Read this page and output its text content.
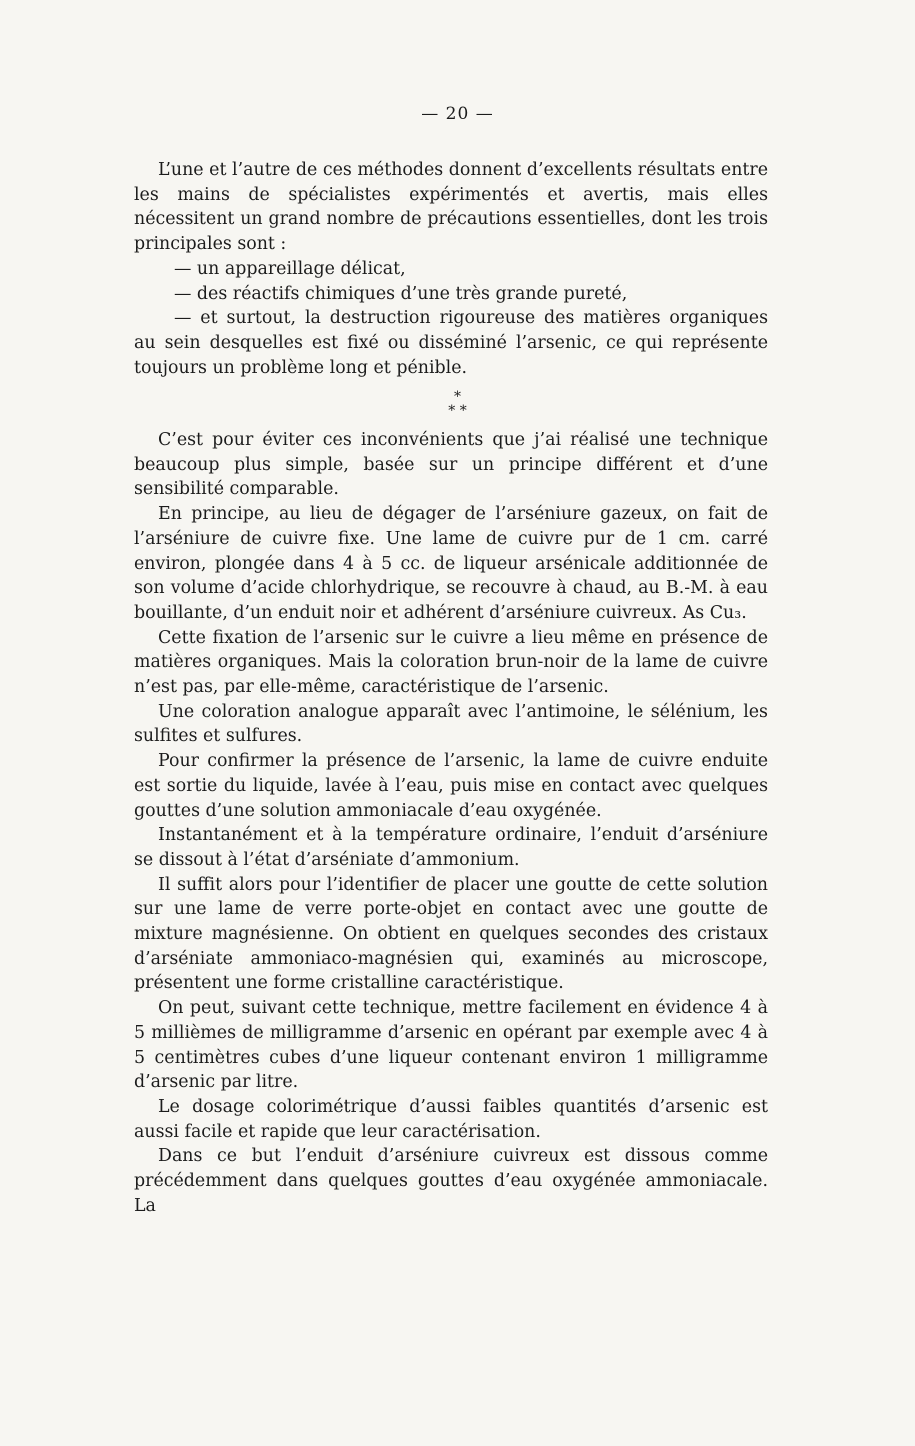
— 20 —

L’une et l’autre de ces méthodes donnent d’excellents résultats entre les mains de spécialistes expérimentés et avertis, mais elles nécessitent un grand nombre de précautions essentielles, dont les trois principales sont :

— un appareillage délicat,

— des réactifs chimiques d’une très grande pureté,

— et surtout, la destruction rigoureuse des matières organiques au sein desquelles est fixé ou disséminé l’arsenic, ce qui représente toujours un problème long et pénible.

*
* *

C’est pour éviter ces inconvénients que j’ai réalisé une technique beaucoup plus simple, basée sur un principe différent et d’une sensibilité comparable.

En principe, au lieu de dégager de l’arséniure gazeux, on fait de l’arséniure de cuivre fixe. Une lame de cuivre pur de 1 cm. carré environ, plongée dans 4 à 5 cc. de liqueur arsénicale additionnée de son volume d’acide chlorhydrique, se recouvre à chaud, au B.-M. à eau bouillante, d’un enduit noir et adhérent d’arséniure cuivreux. As Cu₃.

Cette fixation de l’arsenic sur le cuivre a lieu même en présence de matières organiques. Mais la coloration brun-noir de la lame de cuivre n’est pas, par elle-même, caractéristique de l’arsenic.

Une coloration analogue apparaît avec l’antimoine, le sélénium, les sulfites et sulfures.

Pour confirmer la présence de l’arsenic, la lame de cuivre enduite est sortie du liquide, lavée à l’eau, puis mise en contact avec quelques gouttes d’une solution ammoniacale d’eau oxygénée.

Instantanément et à la température ordinaire, l’enduit d’arséniure se dissout à l’état d’arséniate d’ammonium.

Il suffit alors pour l’identifier de placer une goutte de cette solution sur une lame de verre porte-objet en contact avec une goutte de mixture magnésienne. On obtient en quelques secondes des cristaux d’arséniate ammoniaco-magnésien qui, examinés au microscope, présentent une forme cristalline caractéristique.

On peut, suivant cette technique, mettre facilement en évidence 4 à 5 millièmes de milligramme d’arsenic en opérant par exemple avec 4 à 5 centimètres cubes d’une liqueur contenant environ 1 milligramme d’arsenic par litre.

Le dosage colorimétrique d’aussi faibles quantités d’arsenic est aussi facile et rapide que leur caractérisation.

Dans ce but l’enduit d’arséniure cuivreux est dissous comme précédemment dans quelques gouttes d’eau oxygénée ammoniacale. La
